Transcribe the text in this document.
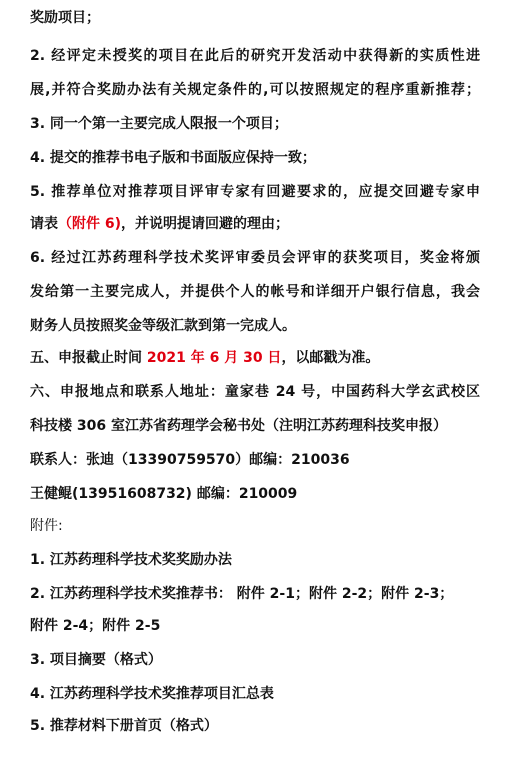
奖励项目；
2. 经评定未授奖的项目在此后的研究开发活动中获得新的实质性进
展,并符合奖励办法有关规定条件的,可以按照规定的程序重新推荐；
3. 同一个第一主要完成人限报一个项目；
4. 提交的推荐书电子版和书面版应保持一致；
5. 推荐单位对推荐项目评审专家有回避要求的，应提交回避专家申
请表（附件 6)，并说明提请回避的理由；
6. 经过江苏药理科学技术奖评审委员会评审的获奖项目，奖金将颁
发给第一主要完成人，并提供个人的帐号和详细开户银行信息，我会
财务人员按照奖金等级汇款到第一完成人。
五、申报截止时间 2021 年 6 月 30 日，以邮戳为准。
六、申报地点和联系人地址：童家巷 24 号，中国药科大学玄武校区
科技楼 306 室江苏省药理学会秘书处（注明江苏药理科技奖申报）
联系人：张迪（13390759570）邮编：210036
王健鲲(13951608732) 邮编：210009
附件:
1. 江苏药理科学技术奖奖励办法
2. 江苏药理科学技术奖推荐书： 附件 2-1；附件 2-2；附件 2-3；
附件 2-4；附件 2-5
3. 项目摘要（格式）
4. 江苏药理科学技术奖推荐项目汇总表
5. 推荐材料下册首页（格式）
